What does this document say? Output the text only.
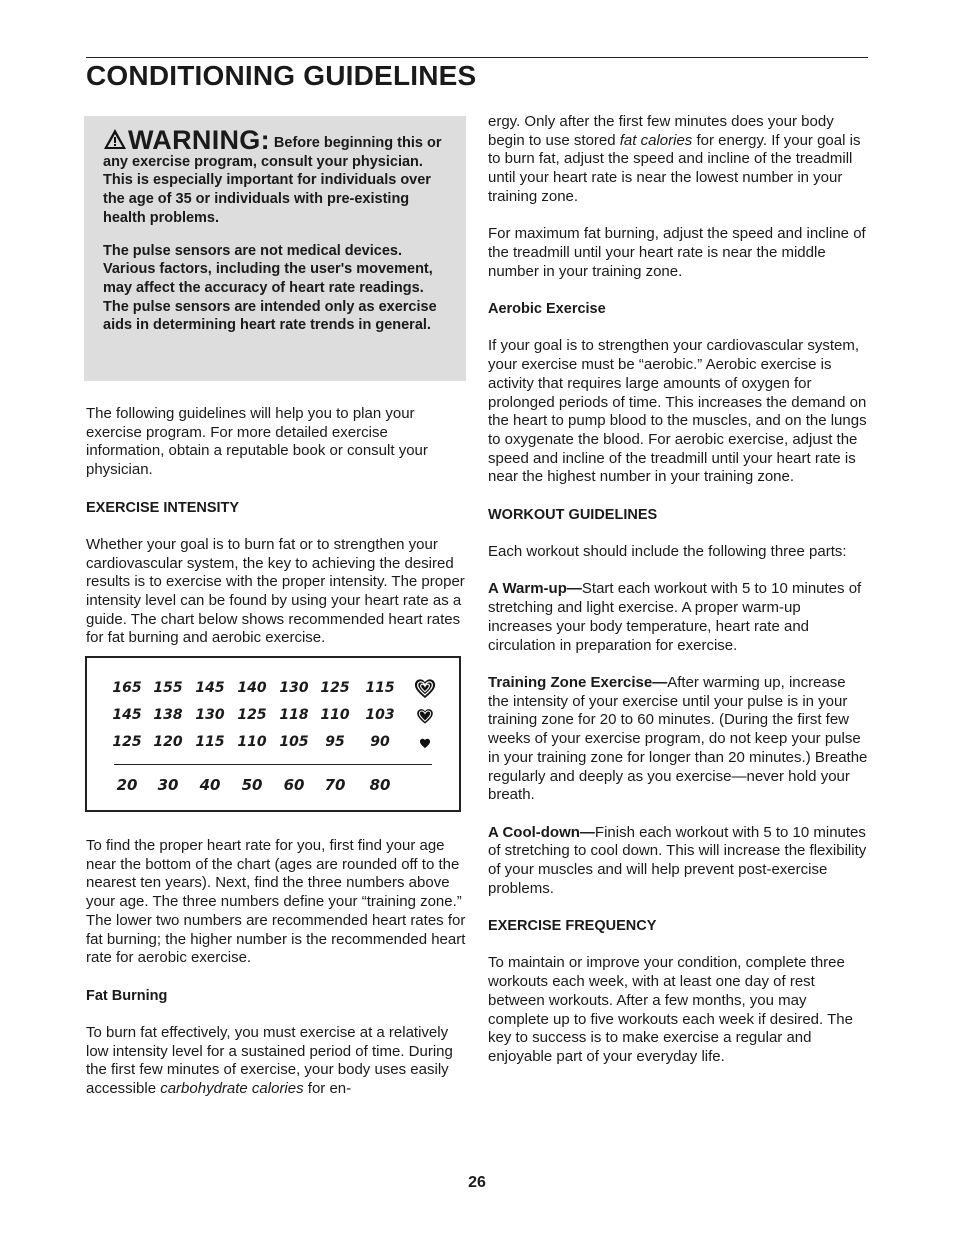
CONDITIONING GUIDELINES

WARNING: Before beginning this or any exercise program, consult your physician. This is especially important for individuals over the age of 35 or individuals with pre-existing health problems.

The pulse sensors are not medical devices. Various factors, including the user's movement, may affect the accuracy of heart rate readings. The pulse sensors are intended only as exercise aids in determining heart rate trends in general.

The following guidelines will help you to plan your exercise program. For more detailed exercise information, obtain a reputable book or consult your physician.

EXERCISE INTENSITY

Whether your goal is to burn fat or to strengthen your cardiovascular system, the key to achieving the desired results is to exercise with the proper intensity. The proper intensity level can be found by using your heart rate as a guide. The chart below shows recommended heart rates for fat burning and aerobic exercise.

165 155 145 140 130 125 115
145 138 130 125 118 110 103
125 120 115 110 105 95 90
20 30 40 50 60 70 80

To find the proper heart rate for you, first find your age near the bottom of the chart (ages are rounded off to the nearest ten years). Next, find the three numbers above your age. The three numbers define your “training zone.” The lower two numbers are recommended heart rates for fat burning; the higher number is the recommended heart rate for aerobic exercise.

Fat Burning

To burn fat effectively, you must exercise at a relatively low intensity level for a sustained period of time. During the first few minutes of exercise, your body uses easily accessible carbohydrate calories for en-

ergy. Only after the first few minutes does your body begin to use stored fat calories for energy. If your goal is to burn fat, adjust the speed and incline of the treadmill until your heart rate is near the lowest number in your training zone.

For maximum fat burning, adjust the speed and incline of the treadmill until your heart rate is near the middle number in your training zone.

Aerobic Exercise

If your goal is to strengthen your cardiovascular system, your exercise must be “aerobic.” Aerobic exercise is activity that requires large amounts of oxygen for prolonged periods of time. This increases the demand on the heart to pump blood to the muscles, and on the lungs to oxygenate the blood. For aerobic exercise, adjust the speed and incline of the treadmill until your heart rate is near the highest number in your training zone.

WORKOUT GUIDELINES

Each workout should include the following three parts:

A Warm-up—Start each workout with 5 to 10 minutes of stretching and light exercise. A proper warm-up increases your body temperature, heart rate and circulation in preparation for exercise.

Training Zone Exercise—After warming up, increase the intensity of your exercise until your pulse is in your training zone for 20 to 60 minutes. (During the first few weeks of your exercise program, do not keep your pulse in your training zone for longer than 20 minutes.) Breathe regularly and deeply as you exercise—never hold your breath.

A Cool-down—Finish each workout with 5 to 10 minutes of stretching to cool down. This will increase the flexibility of your muscles and will help prevent post-exercise problems.

EXERCISE FREQUENCY

To maintain or improve your condition, complete three workouts each week, with at least one day of rest between workouts. After a few months, you may complete up to five workouts each week if desired. The key to success is to make exercise a regular and enjoyable part of your everyday life.

26
